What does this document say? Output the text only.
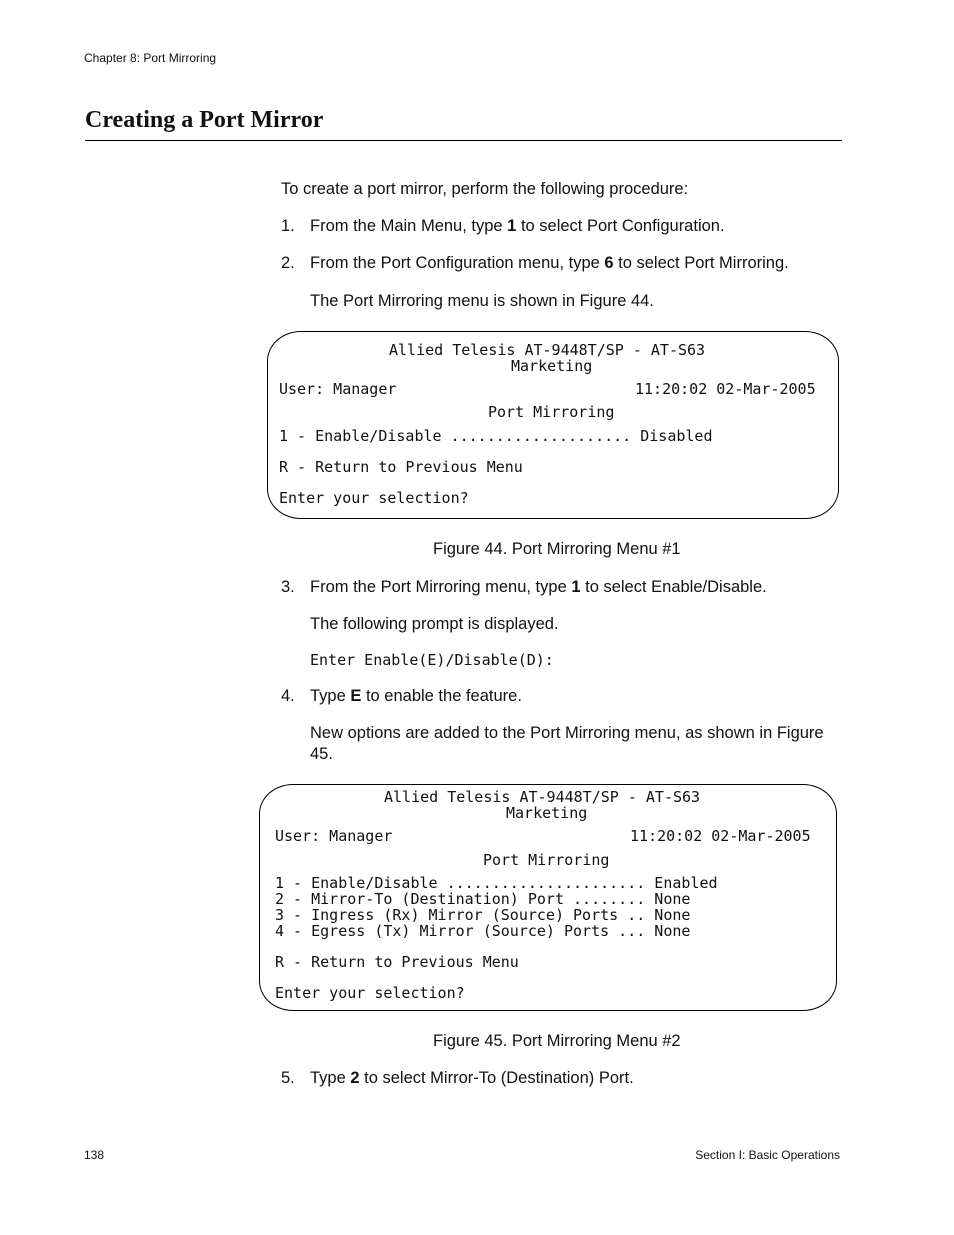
Chapter 8: Port Mirroring
Creating a Port Mirror
To create a port mirror, perform the following procedure:
1. From the Main Menu, type 1 to select Port Configuration.
2. From the Port Configuration menu, type 6 to select Port Mirroring.
The Port Mirroring menu is shown in Figure 44.
Allied Telesis AT-9448T/SP - AT-S63
Marketing
User: Manager	11:20:02 02-Mar-2005
Port Mirroring
1 - Enable/Disable .................... Disabled
R - Return to Previous Menu
Enter your selection?
Figure 44. Port Mirroring Menu #1
3. From the Port Mirroring menu, type 1 to select Enable/Disable.
The following prompt is displayed.
Enter Enable(E)/Disable(D):
4. Type E to enable the feature.
New options are added to the Port Mirroring menu, as shown in Figure 45.
Allied Telesis AT-9448T/SP - AT-S63
Marketing
User: Manager	11:20:02 02-Mar-2005
Port Mirroring
1 - Enable/Disable ...................... Enabled
2 - Mirror-To (Destination) Port ........ None
3 - Ingress (Rx) Mirror (Source) Ports .. None
4 - Egress (Tx) Mirror (Source) Ports ... None
R - Return to Previous Menu
Enter your selection?
Figure 45. Port Mirroring Menu #2
5. Type 2 to select Mirror-To (Destination) Port.
138	Section I: Basic Operations
